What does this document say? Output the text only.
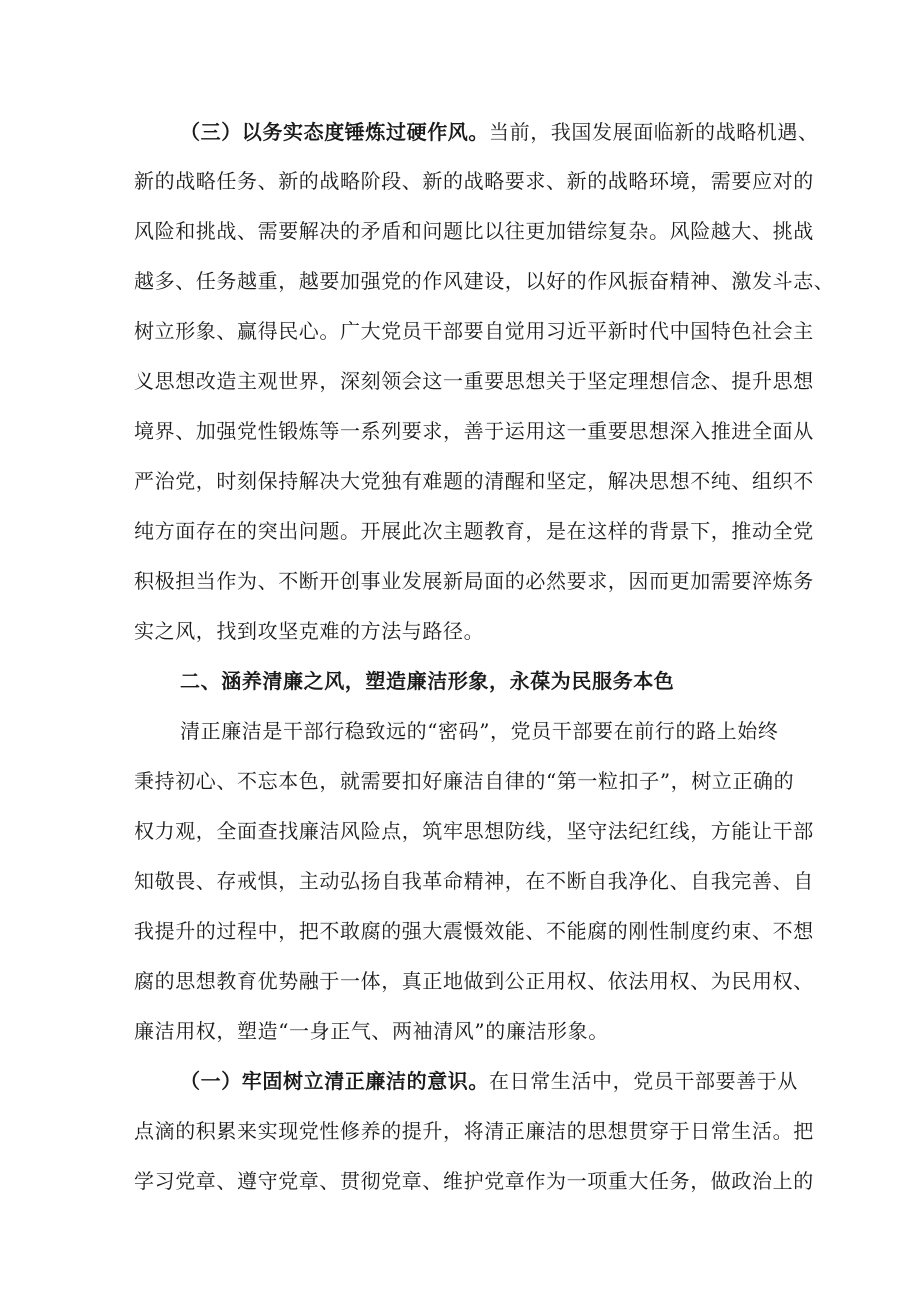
（三）以务实态度锤炼过硬作风。当前，我国发展面临新的战略机遇、
新的战略任务、新的战略阶段、新的战略要求、新的战略环境，需要应对的
风险和挑战、需要解决的矛盾和问题比以往更加错综复杂。风险越大、挑战
越多、任务越重，越要加强党的作风建设，以好的作风振奋精神、激发斗志、
树立形象、赢得民心。广大党员干部要自觉用习近平新时代中国特色社会主
义思想改造主观世界，深刻领会这一重要思想关于坚定理想信念、提升思想
境界、加强党性锻炼等一系列要求，善于运用这一重要思想深入推进全面从
严治党，时刻保持解决大党独有难题的清醒和坚定，解决思想不纯、组织不
纯方面存在的突出问题。开展此次主题教育，是在这样的背景下，推动全党
积极担当作为、不断开创事业发展新局面的必然要求，因而更加需要淬炼务
实之风，找到攻坚克难的方法与路径。
二、涵养清廉之风，塑造廉洁形象，永葆为民服务本色
清正廉洁是干部行稳致远的“密码”，党员干部要在前行的路上始终
秉持初心、不忘本色，就需要扣好廉洁自律的“第一粒扣子”，树立正确的
权力观，全面查找廉洁风险点，筑牢思想防线，坚守法纪红线，方能让干部
知敬畏、存戒惧，主动弘扬自我革命精神，在不断自我净化、自我完善、自
我提升的过程中，把不敢腐的强大震慑效能、不能腐的刚性制度约束、不想
腐的思想教育优势融于一体，真正地做到公正用权、依法用权、为民用权、
廉洁用权，塑造“一身正气、两袖清风”的廉洁形象。
（一）牢固树立清正廉洁的意识。在日常生活中，党员干部要善于从
点滴的积累来实现党性修养的提升，将清正廉洁的思想贯穿于日常生活。把
学习党章、遵守党章、贯彻党章、维护党章作为一项重大任务，做政治上的
